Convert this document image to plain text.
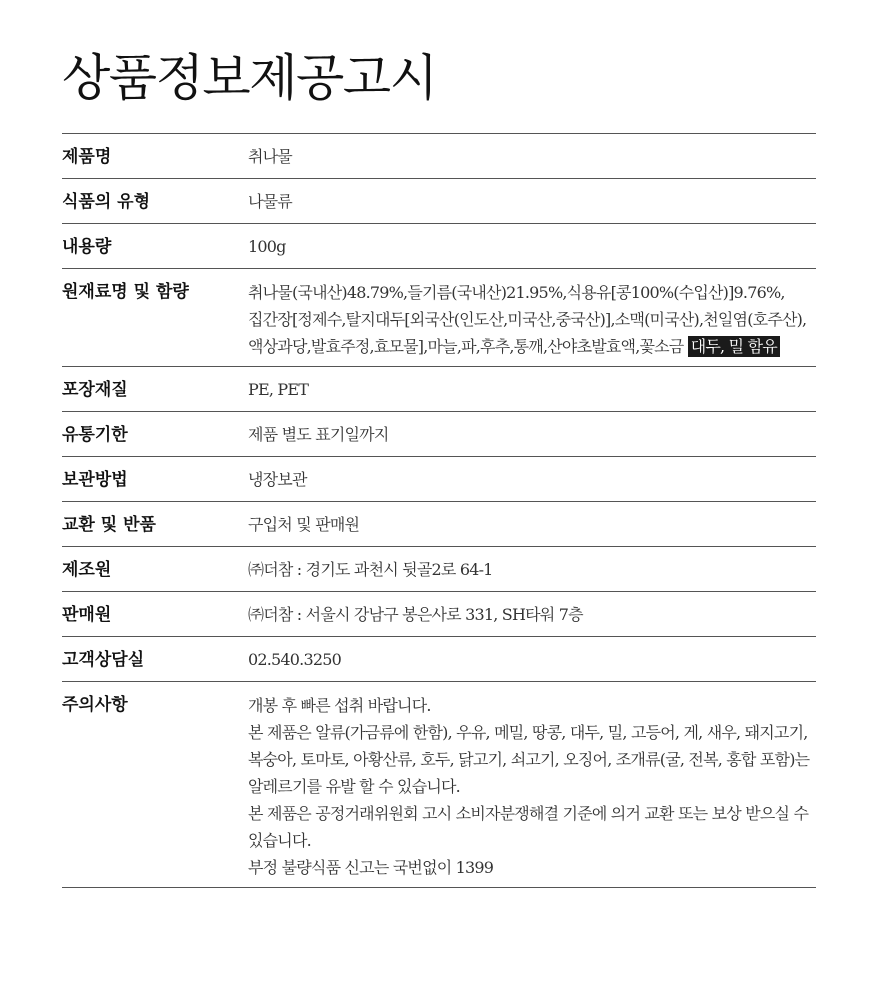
상품정보제공고시
제품명	취나물
식품의 유형	나물류
내용량	100g
원재료명 및 함량	취나물(국내산)48.79%,들기름(국내산)21.95%,식용유[콩100%(수입산)]9.76%,집간장[정제수,탈지대두[외국산(인도산,미국산,중국산)],소맥(미국산),천일염(호주산),액상과당,발효주정,효모물],마늘,파,후추,통깨,산야초발효액,꽃소금 대두, 밀 함유
포장재질	PE, PET
유통기한	제품 별도 표기일까지
보관방법	냉장보관
교환 및 반품	구입처 및 판매원
제조원	㈜더참 : 경기도 과천시 뒷골2로 64-1
판매원	㈜더참 : 서울시 강남구 봉은사로 331, SH타워 7층
고객상담실	02.540.3250
주의사항	개봉 후 빠른 섭취 바랍니다.

본 제품은 알류(가금류에 한함), 우유, 메밀, 땅콩, 대두, 밀, 고등어, 게, 새우, 돼지고기, 복숭아, 토마토, 아황산류, 호두, 닭고기, 쇠고기, 오징어, 조개류(굴, 전복, 홍합 포함)는 알레르기를 유발 할 수 있습니다.

본 제품은 공정거래위원회 고시 소비자분쟁해결 기준에 의거 교환 또는 보상 받으실 수 있습니다.

부정 불량식품 신고는 국번없이 1399
